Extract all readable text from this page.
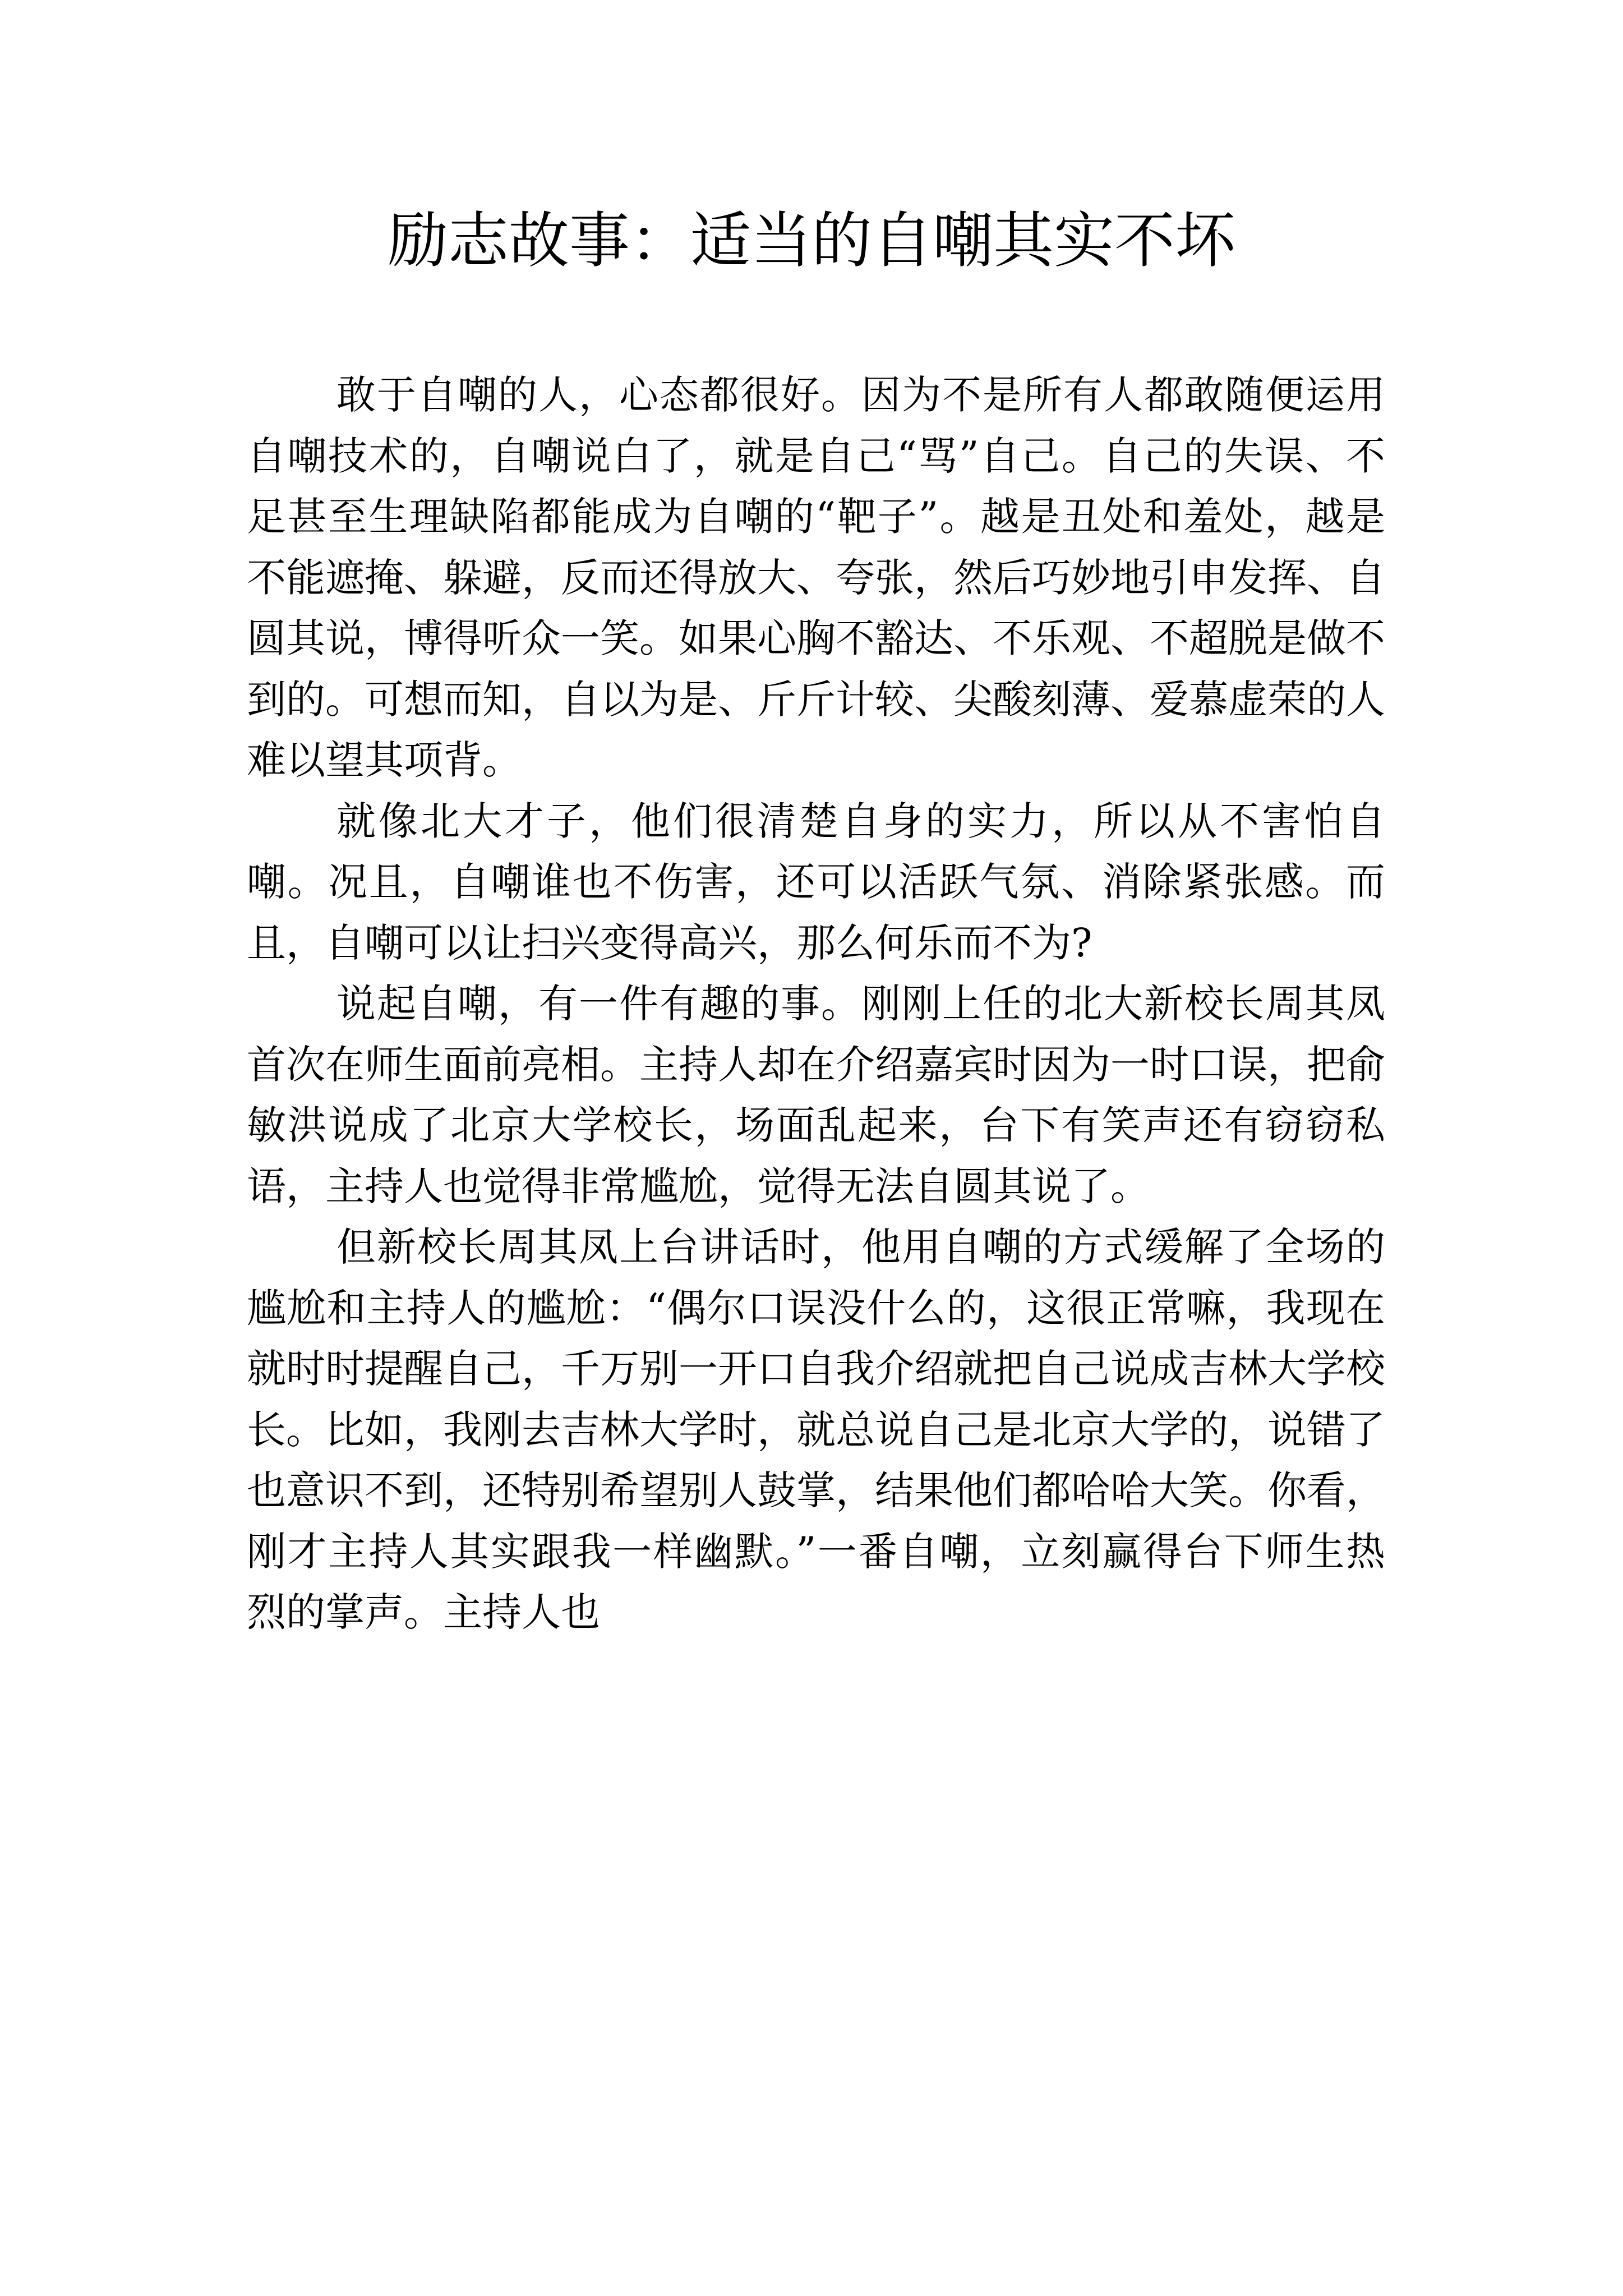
励志故事：适当的自嘲其实不坏

敢于自嘲的人，心态都很好。因为不是所有人都敢随便运用自嘲技术的，自嘲说白了，就是自己“骂”自己。自己的失误、不足甚至生理缺陷都能成为自嘲的“靶子”。越是丑处和羞处，越是不能遮掩、躲避，反而还得放大、夸张，然后巧妙地引申发挥、自圆其说，博得听众一笑。如果心胸不豁达、不乐观、不超脱是做不到的。可想而知，自以为是、斤斤计较、尖酸刻薄、爱慕虚荣的人难以望其项背。

就像北大才子，他们很清楚自身的实力，所以从不害怕自嘲。况且，自嘲谁也不伤害，还可以活跃气氛、消除紧张感。而且，自嘲可以让扫兴变得高兴，那么何乐而不为?

说起自嘲，有一件有趣的事。刚刚上任的北大新校长周其凤首次在师生面前亮相。主持人却在介绍嘉宾时因为一时口误，把俞敏洪说成了北京大学校长，场面乱起来，台下有笑声还有窃窃私语，主持人也觉得非常尴尬，觉得无法自圆其说了。

但新校长周其凤上台讲话时，他用自嘲的方式缓解了全场的尴尬和主持人的尴尬：“偶尔口误没什么的，这很正常嘛，我现在就时时提醒自己，千万别一开口自我介绍就把自己说成吉林大学校长。比如，我刚去吉林大学时，就总说自己是北京大学的，说错了也意识不到，还特别希望别人鼓掌，结果他们都哈哈大笑。你看，刚才主持人其实跟我一样幽默。”一番自嘲，立刻赢得台下师生热烈的掌声。主持人也
